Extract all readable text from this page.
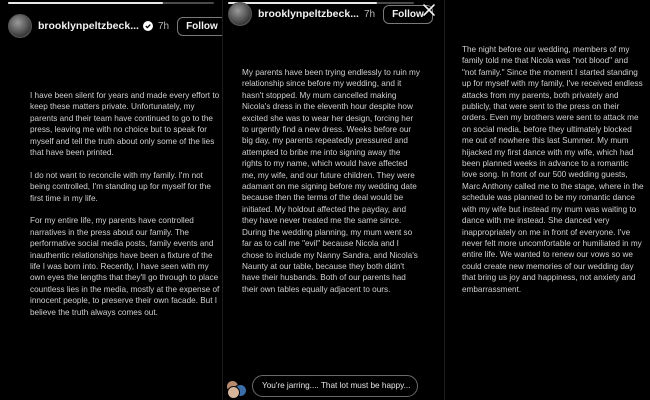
brooklynpeltzbeck... 7h	Follow

I have been silent for years and made every effort to keep these matters private. Unfortunately, my parents and their team have continued to go to the press, leaving me with no choice but to speak for myself and tell the truth about only some of the lies that have been printed.

I do not want to reconcile with my family. I'm not being controlled, I'm standing up for myself for the first time in my life.

For my entire life, my parents have controlled narratives in the press about our family. The performative social media posts, family events and inauthentic relationships have been a fixture of the life I was born into. Recently, I have seen with my own eyes the lengths that they'll go through to place countless lies in the media, mostly at the expense of innocent people, to preserve their own facade. But I believe the truth always comes out.

brooklynpeltzbeck... 7h	Follow

My parents have been trying endlessly to ruin my relationship since before my wedding, and it hasn't stopped. My mum cancelled making Nicola's dress in the eleventh hour despite how excited she was to wear her design, forcing her to urgently find a new dress. Weeks before our big day, my parents repeatedly pressured and attempted to bribe me into signing away the rights to my name, which would have affected me, my wife, and our future children. They were adamant on me signing before my wedding date because then the terms of the deal would be initiated. My holdout affected the payday, and they have never treated me the same since. During the wedding planning, my mum went so far as to call me "evil" because Nicola and I chose to include my Nanny Sandra, and Nicola's Naunty at our table, because they both didn't have their husbands. Both of our parents had their own tables equally adjacent to ours.

You're jarring.... That lot must be happy...

The night before our wedding, members of my family told me that Nicola was "not blood" and "not family." Since the moment I started standing up for myself with my family, I've received endless attacks from my parents, both privately and publicly, that were sent to the press on their orders. Even my brothers were sent to attack me on social media, before they ultimately blocked me out of nowhere this last Summer. My mum hijacked my first dance with my wife, which had been planned weeks in advance to a romantic love song. In front of our 500 wedding guests, Marc Anthony called me to the stage, where in the schedule was planned to be my romantic dance with my wife but instead my mum was waiting to dance with me instead. She danced very inappropriately on me in front of everyone. I've never felt more uncomfortable or humiliated in my entire life. We wanted to renew our vows so we could create new memories of our wedding day that bring us joy and happiness, not anxiety and embarrassment.
